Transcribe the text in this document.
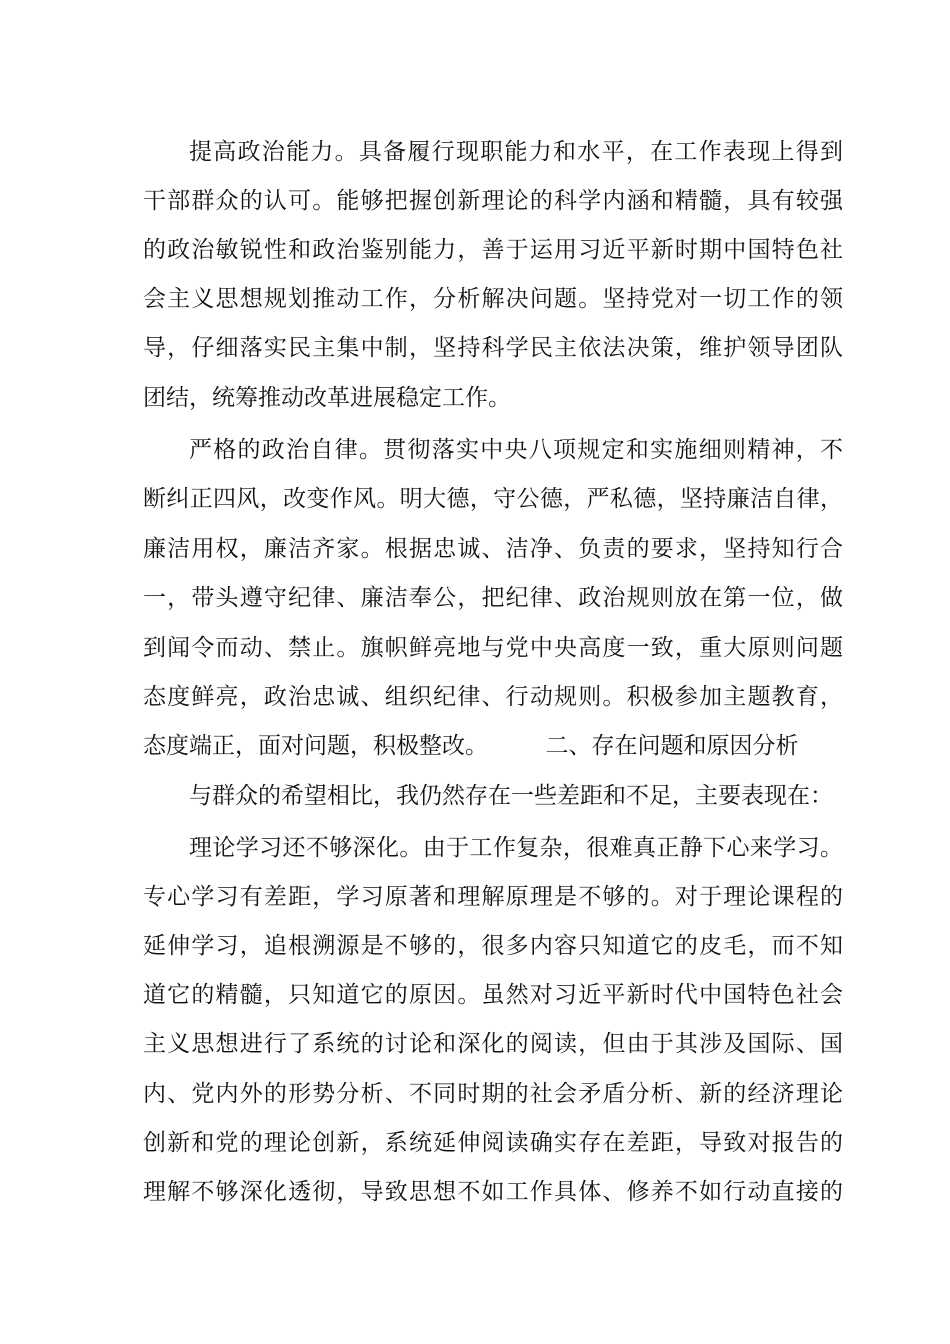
提高政治能力。具备履行现职能力和水平，在工作表现上得到
干部群众的认可。能够把握创新理论的科学内涵和精髓，具有较强
的政治敏锐性和政治鉴别能力，善于运用习近平新时期中国特色社
会主义思想规划推动工作，分析解决问题。坚持党对一切工作的领
导，仔细落实民主集中制，坚持科学民主依法决策，维护领导团队
团结，统筹推动改革进展稳定工作。
严格的政治自律。贯彻落实中央八项规定和实施细则精神，不
断纠正四风，改变作风。明大德，守公德，严私德，坚持廉洁自律，
廉洁用权，廉洁齐家。根据忠诚、洁净、负责的要求，坚持知行合
一，带头遵守纪律、廉洁奉公，把纪律、政治规则放在第一位，做
到闻令而动、禁止。旗帜鲜亮地与党中央高度一致，重大原则问题
态度鲜亮，政治忠诚、组织纪律、行动规则。积极参加主题教育，
态度端正，面对问题，积极整改。　　　二、存在问题和原因分析
与群众的希望相比，我仍然存在一些差距和不足，主要表现在：
理论学习还不够深化。由于工作复杂，很难真正静下心来学习。
专心学习有差距，学习原著和理解原理是不够的。对于理论课程的
延伸学习，追根溯源是不够的，很多内容只知道它的皮毛，而不知
道它的精髓，只知道它的原因。虽然对习近平新时代中国特色社会
主义思想进行了系统的讨论和深化的阅读，但由于其涉及国际、国
内、党内外的形势分析、不同时期的社会矛盾分析、新的经济理论
创新和党的理论创新，系统延伸阅读确实存在差距，导致对报告的
理解不够深化透彻，导致思想不如工作具体、修养不如行动直接的
